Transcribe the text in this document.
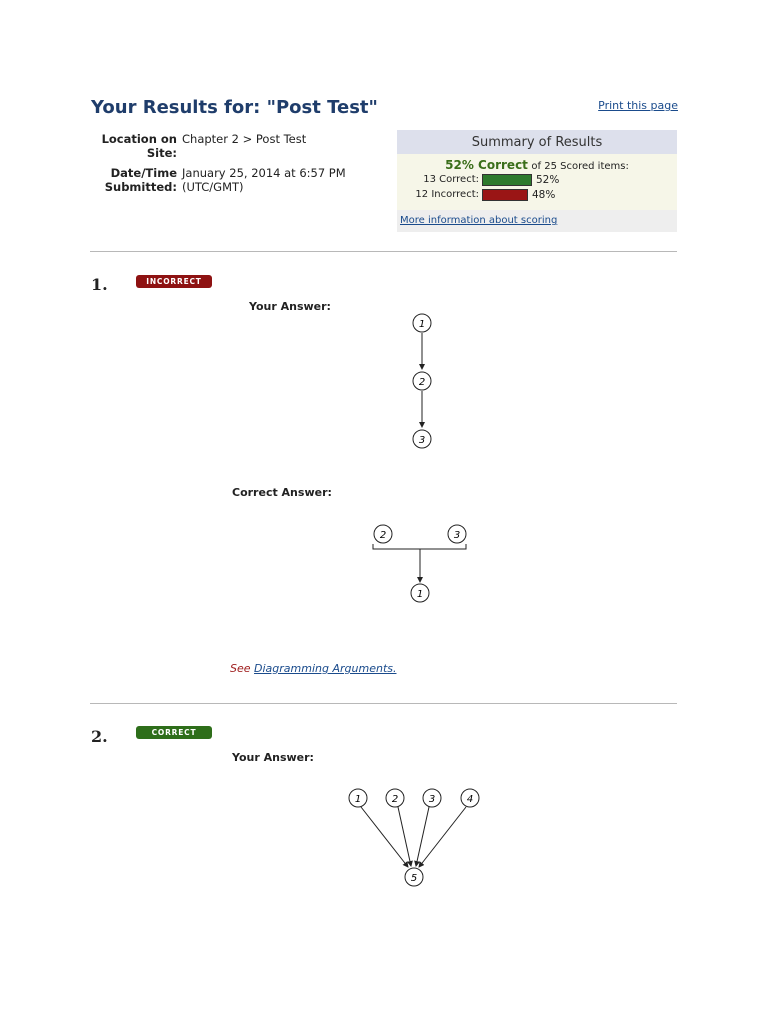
Your Results for: "Post Test"	Print this page
Location on Site:
Chapter 2 > Post Test
Date/Time Submitted:
January 25, 2014 at 6:57 PM (UTC/GMT)
Summary of Results
52% Correct of 25 Scored items:
13 Correct:	52%
12 Incorrect:	48%
More information about scoring
1.	INCORRECT

Your Answer:
1
2
3
Correct Answer:
2	3
1
See Diagramming Arguments.
2.	CORRECT

Your Answer:
1	2	3	4
5
